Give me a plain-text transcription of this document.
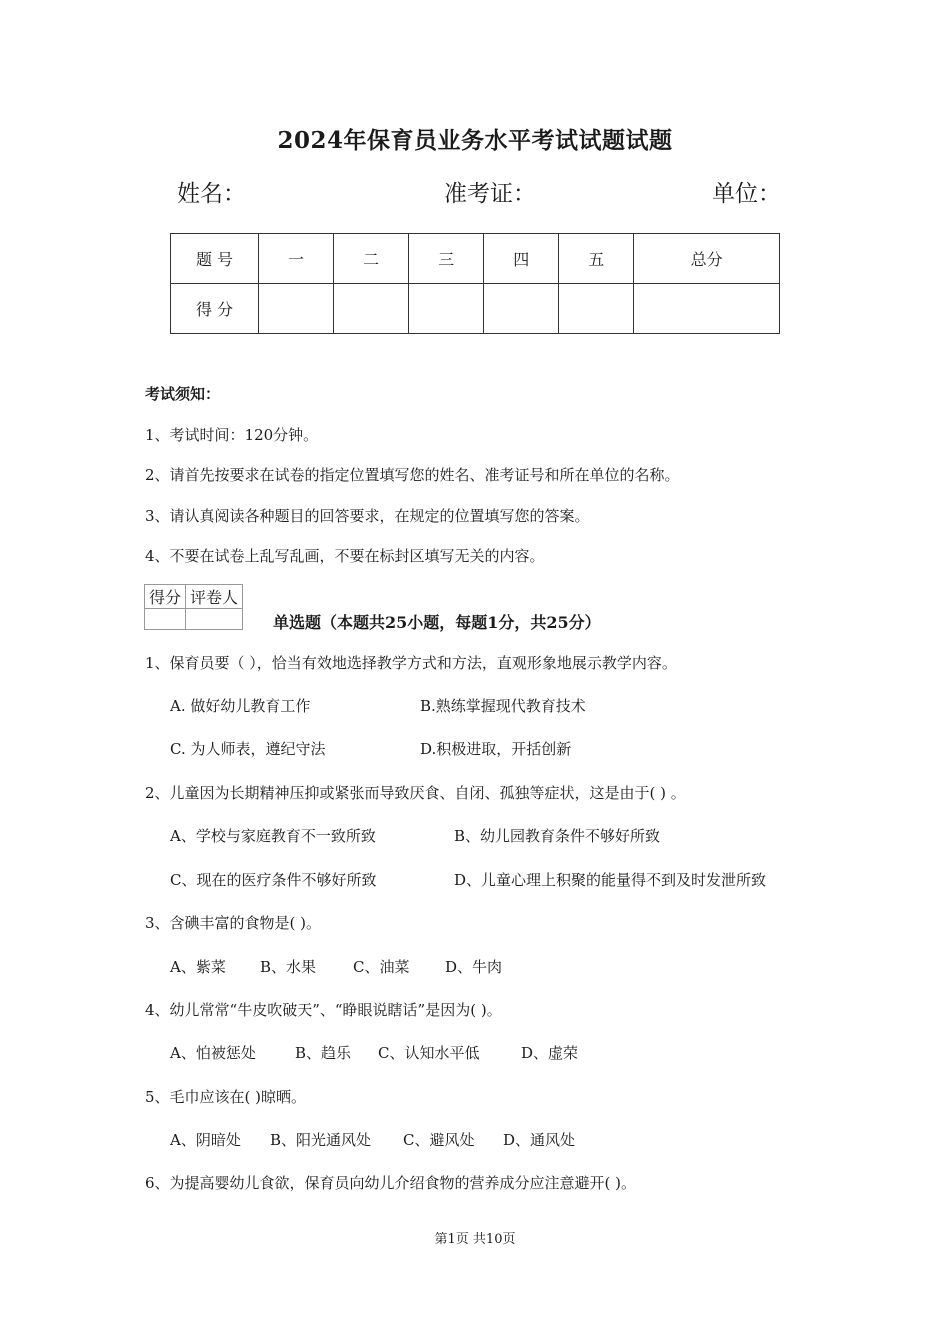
2024年保育员业务水平考试试题试题
姓名：	准考证：	单位：
题 号	一	二	三	四	五	总分
得 分						
考试须知：
1、考试时间：120分钟。
2、请首先按要求在试卷的指定位置填写您的姓名、准考证号和所在单位的名称。
3、请认真阅读各种题目的回答要求，在规定的位置填写您的答案。
4、不要在试卷上乱写乱画，不要在标封区填写无关的内容。
得分	评卷人

单选题（本题共25小题，每题1分，共25分）
1、保育员要（ ），恰当有效地选择教学方式和方法，直观形象地展示教学内容。
A. 做好幼儿教育工作	B.熟练掌握现代教育技术
C. 为人师表，遵纪守法	D.积极进取，开括创新
2、儿童因为长期精神压抑或紧张而导致厌食、自闭、孤独等症状，这是由于( ) 。
A、学校与家庭教育不一致所致	B、幼儿园教育条件不够好所致
C、现在的医疗条件不够好所致	D、儿童心理上积聚的能量得不到及时发泄所致
3、含碘丰富的食物是( )。
A、紫菜 B、水果 C、油菜 D、牛肉
4、幼儿常常“牛皮吹破天”、“睁眼说瞎话”是因为( )。
A、怕被惩处	B、趋乐 C、认知水平低	D、虚荣
5、毛巾应该在( )晾晒。
A、阴暗处 B、阳光通风处 C、避风处 D、通风处
6、为提高婴幼儿食欲，保育员向幼儿介绍食物的营养成分应注意避开( )。
第1页 共10页
